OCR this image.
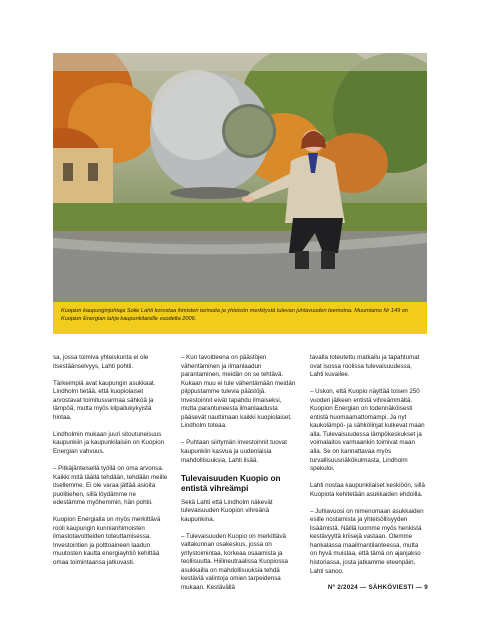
Kuopion kaupunginjohtaja Soile Lahti korostaa ihmisten tarinoita ja yhteisön merkitystä tulevan juhlavuoden teemoina. Muumiamo Nr 149 on Kuopion Energian lahja kaupunkilaisille vuodelta 2006.

sa, jossa toimiva yhteiskunta ei ole itsestäänselvyys, Lahti pohtii.

Tärkeimpiä avat kaupungin asukkaat. Lindholm tietää, että kuopiolaiset arvostavat toimitusvarmaa sähköä ja lämpöä, mutta myös kilpailukykyistä hintaa.

Lindholmin mukaan juuri sitoutuneisuus kaupunkiin ja kaupunkilaisiin on Kuopion Energian vahvuus.

– Pitkäjänteisellä työllä on oma arvonsa. Kaikki mitä täällä tehdään, tehdään meille itsellemme. Ei ole varaa jättää asioita puolitiehen, sillä löydämme ne edestämme myöhemmin, hän pohtii.

Kuopion Energialla on myös merkittävä rooli kaupungin kunnianhimoisten ilmastotavoitteiden toteuttamisessa. Investointien ja polttoaineen laadun muutosten kautta energiayhtiö kehittää omaa toimintaansa jatkuvasti.

– Kun tavoitteena on päästöjen vähentäminen ja ilmanlaadun parantaminen, meidän on se tehtävä. Kukaan muu ei tule vähentämään meidän piippustamme tulevia päästöjä. Investoinnit eivät tapahdu ilmaiseksi, mutta parantuneesta ilmanlaadusta pääsevät nauttimaan kaikki kuopiolaiset, Lindholm toteaa.

– Puhtaan siirtymän investoinnit tuovat kaupunkiin kasvua ja uudenlaisia mahdollisuuksia, Lahti lisää.

Tulevaisuuden Kuopio on entistä vihreämpi

Sekä Lahti että Lindholm näkevät tulevaisuuden Kuopion vihreänä kaupunkina.

– Tulevaisuuden Kuopio on merkittävä valtakunnan osakeskus, jossa on yritystoimintaa, korkeaa osaamista ja teollisuutta. Hiilineutraalissa Kuopiossa asukkailla on mahdollisuuksia tehdä kestäviä valintoja omien tarpeidensa mukaan. Kestävällä

tavalla toteutettu matkailu ja tapahtumat ovat isossa roolissa tulevaisuudessa, Lahti kuvailee.

– Uskon, että Kuopio näyttää toisen 250 vuoden jälkeen entistä vihreämmältä. Kuopion Energian on todennäköisesti entistä huomaamattomampi. Ja nyt kaukolämpö- ja sähkölinjat kulkevat maan alla. Tulevaisuudessa lämpökeskukset ja voimalaitos varmaankin toimivat maan alla. Se on kannattavaa myös turvallisuusnäkökulmasta, Lindholm spekuloi.

Lahti nostaa kaupunkilaiset keskiöön, sillä Kuopiota kehitetään asukkaiden ehdoilla.

– Juhlavuosi on nimenomaan asukkaiden esille nostamista ja yhteisöllisyyden lisäämistä. Näillä luomme myös henkistä kestävyyttä kriisejä vastaan. Olemme hankalassa maailmantilanteessa, mutta on hyvä muistaa, että tämä on ajanjakso historiassa, josta jatkamme eteenpäin, Lahti sanoo.

Nº 2/2024 — SÄHKÖVIESTI — 9
